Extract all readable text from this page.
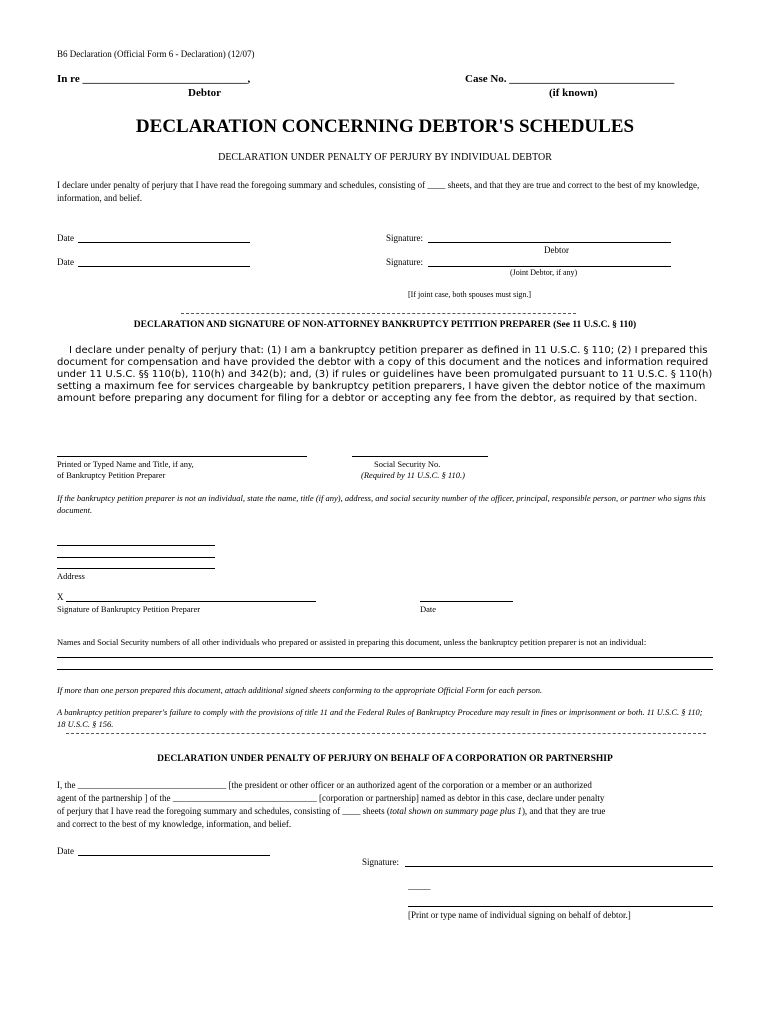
B6 Declaration (Official Form 6 - Declaration) (12/07)
In re ______________________________,
Debtor
Case No. ______________________________
(if known)
DECLARATION CONCERNING DEBTOR'S SCHEDULES
DECLARATION UNDER PENALTY OF PERJURY BY INDIVIDUAL DEBTOR
I declare under penalty of perjury that I have read the foregoing summary and schedules, consisting of ____ sheets, and that they are true and correct to the best of my knowledge, information, and belief.
Date	Signature:
Debtor
Date	Signature:
(Joint Debtor, if any)
[If joint case, both spouses must sign.]
DECLARATION AND SIGNATURE OF NON-ATTORNEY BANKRUPTCY PETITION PREPARER (See 11 U.S.C. § 110)
I declare under penalty of perjury that: (1) I am a bankruptcy petition preparer as defined in 11 U.S.C. § 110; (2) I prepared this document for compensation and have provided the debtor with a copy of this document and the notices and information required under 11 U.S.C. §§ 110(b), 110(h) and 342(b); and, (3) if rules or guidelines have been promulgated pursuant to 11 U.S.C. § 110(h) setting a maximum fee for services chargeable by bankruptcy petition preparers, I have given the debtor notice of the maximum amount before preparing any document for filing for a debtor or accepting any fee from the debtor, as required by that section.
Printed or Typed Name and Title, if any,
of Bankruptcy Petition Preparer
Social Security No.
(Required by 11 U.S.C. § 110.)
If the bankruptcy petition preparer is not an individual, state the name, title (if any), address, and social security number of the officer, principal, responsible person, or partner who signs this document.
Address
X
Signature of Bankruptcy Petition Preparer	Date
Names and Social Security numbers of all other individuals who prepared or assisted in preparing this document, unless the bankruptcy petition preparer is not an individual:
If more than one person prepared this document, attach additional signed sheets conforming to the appropriate Official Form for each person.
A bankruptcy petition preparer's failure to comply with the provisions of title 11 and the Federal Rules of Bankruptcy Procedure may result in fines or imprisonment or both. 11 U.S.C. § 110; 18 U.S.C. § 156.
DECLARATION UNDER PENALTY OF PERJURY ON BEHALF OF A CORPORATION OR PARTNERSHIP
I, the _________________________________ [the president or other officer or an authorized agent of the corporation or a member or an authorized
agent of the partnership ] of the ________________________________ [corporation or partnership] named as debtor in this case, declare under penalty
of perjury that I have read the foregoing summary and schedules, consisting of ____ sheets (total shown on summary page plus 1), and that they are true
and correct to the best of my knowledge, information, and belief.
Date
Signature:
_____
[Print or type name of individual signing on behalf of debtor.]
